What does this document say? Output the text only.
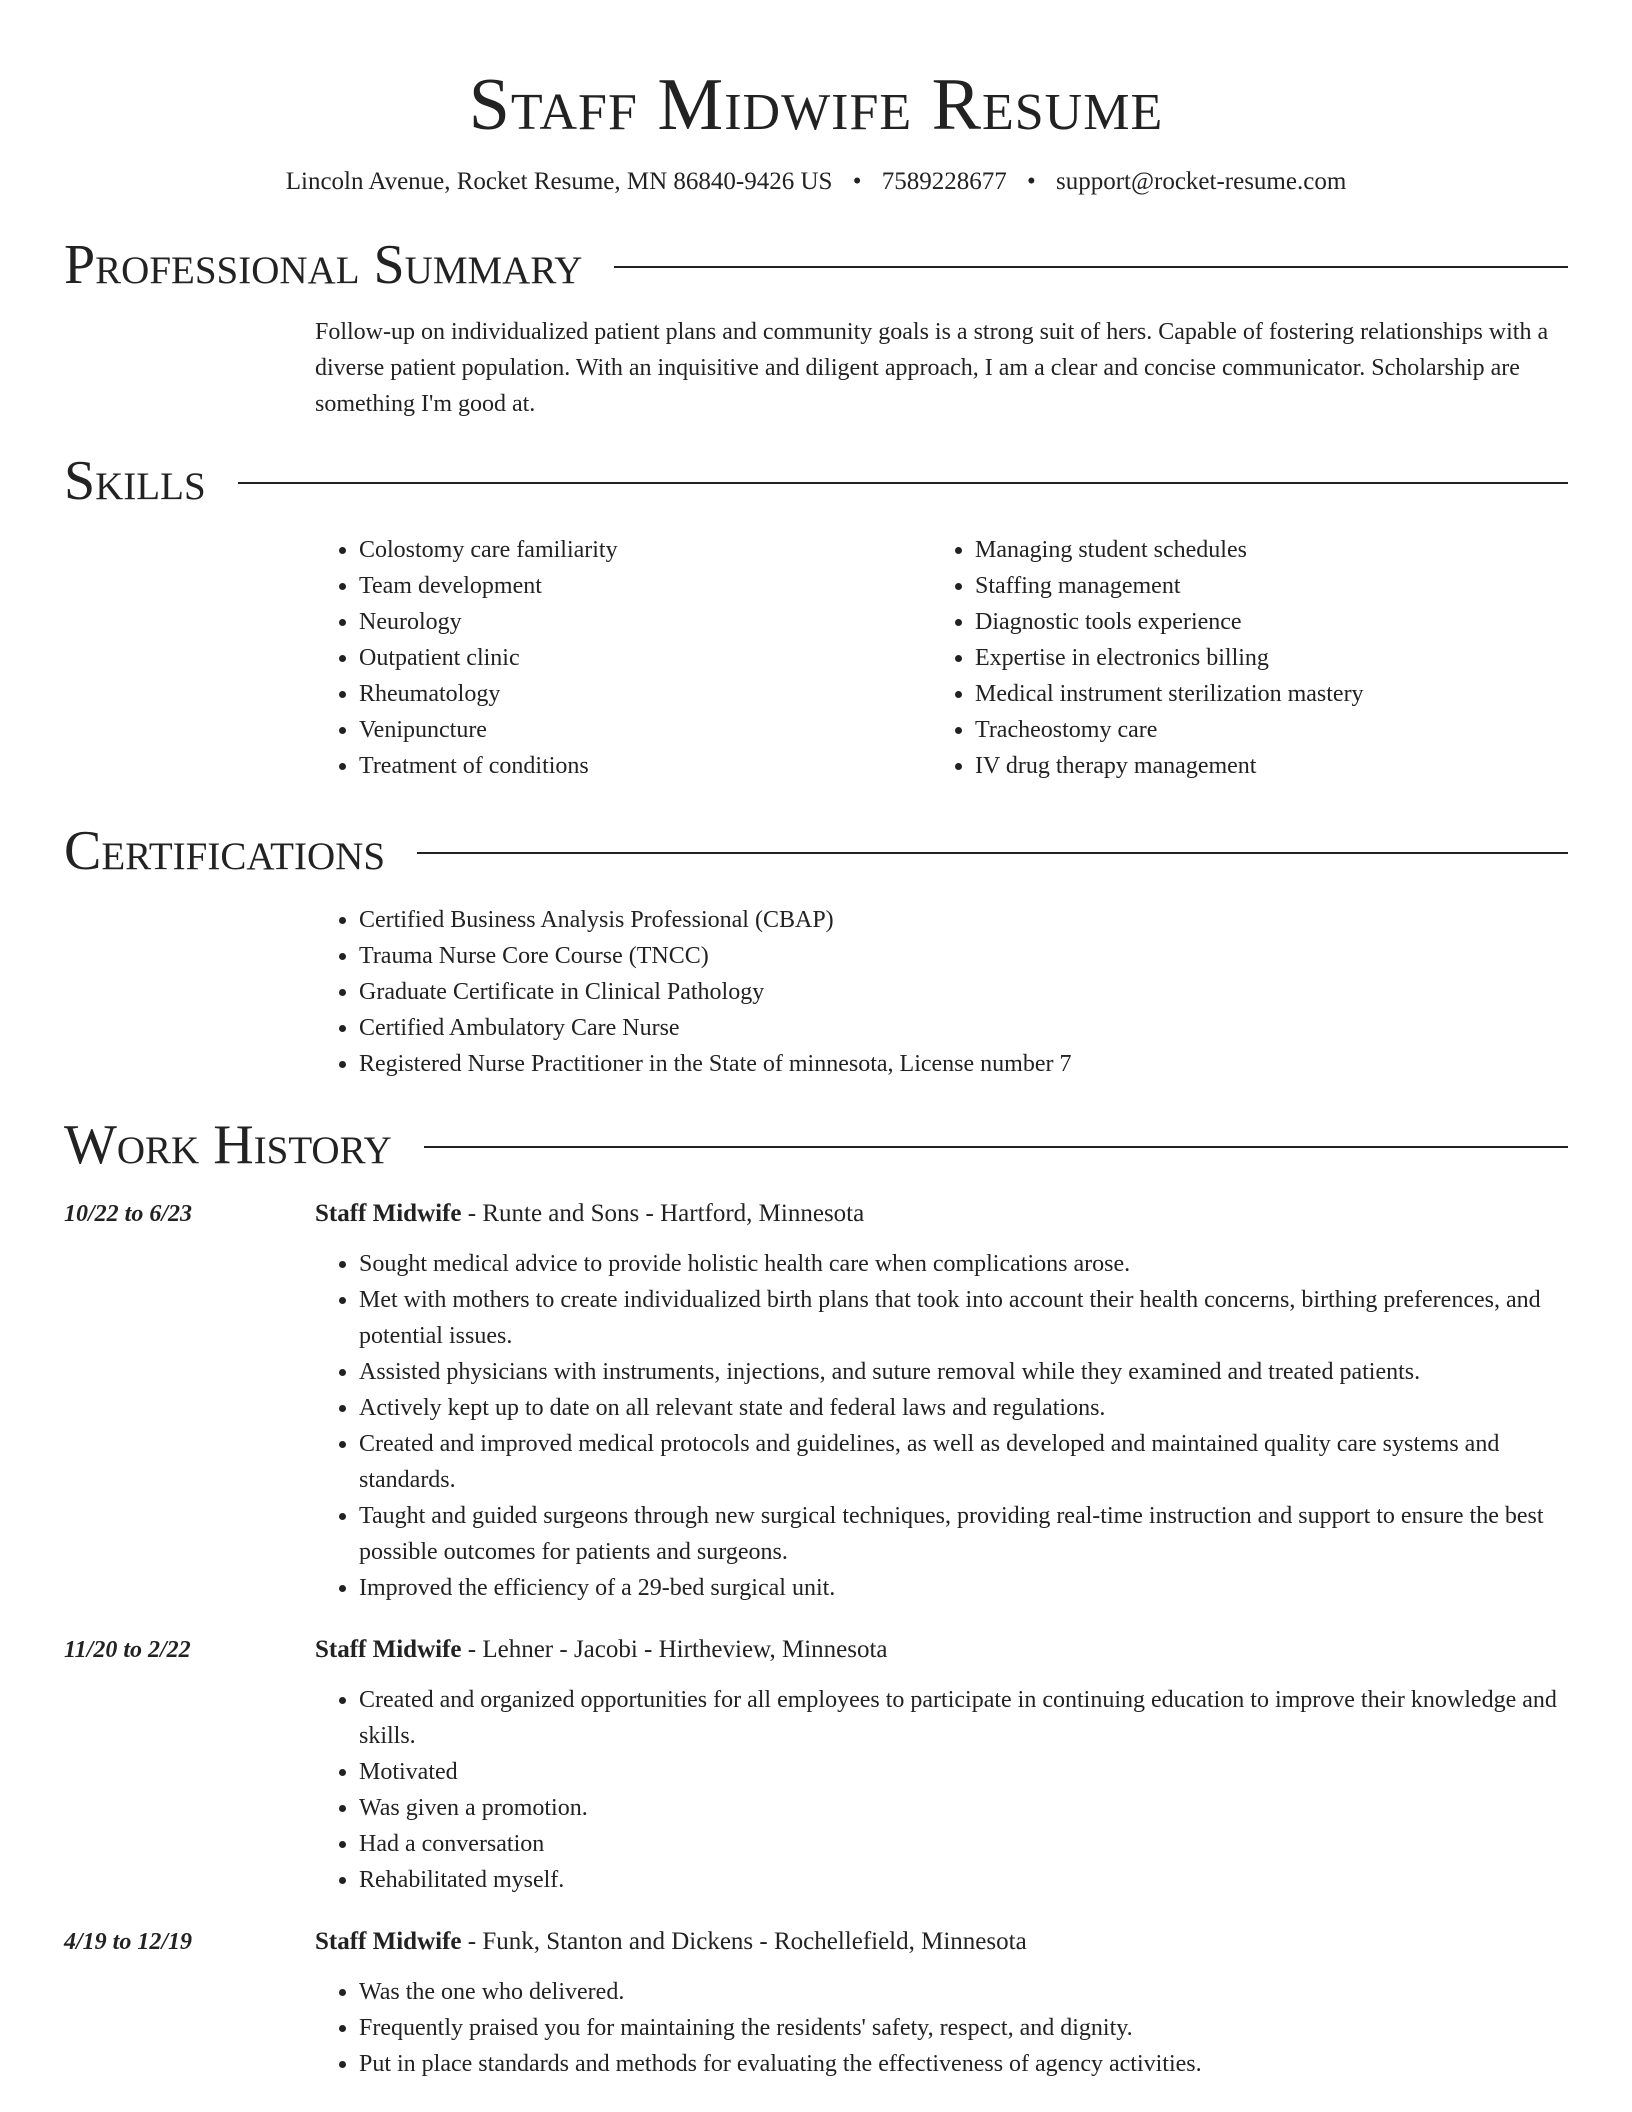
Staff Midwife Resume
Lincoln Avenue, Rocket Resume, MN 86840-9426 US • 7589228677 • support@rocket-resume.com
Professional Summary

Follow-up on individualized patient plans and community goals is a strong suit of hers. Capable of fostering relationships with a diverse patient population. With an inquisitive and diligent approach, I am a clear and concise communicator. Scholarship are something I'm good at.

Skills
• Colostomy care familiarity
• Team development
• Neurology
• Outpatient clinic
• Rheumatology
• Venipuncture
• Treatment of conditions
• Managing student schedules
• Staffing management
• Diagnostic tools experience
• Expertise in electronics billing
• Medical instrument sterilization mastery
• Tracheostomy care
• IV drug therapy management
Certifications
• Certified Business Analysis Professional (CBAP)
• Trauma Nurse Core Course (TNCC)
• Graduate Certificate in Clinical Pathology
• Certified Ambulatory Care Nurse
• Registered Nurse Practitioner in the State of minnesota, License number 7
Work History
10/22 to 6/23	Staff Midwife - Runte and Sons - Hartford, Minnesota
• Sought medical advice to provide holistic health care when complications arose.
• Met with mothers to create individualized birth plans that took into account their health concerns, birthing preferences, and potential issues.
• Assisted physicians with instruments, injections, and suture removal while they examined and treated patients.
• Actively kept up to date on all relevant state and federal laws and regulations.
• Created and improved medical protocols and guidelines, as well as developed and maintained quality care systems and standards.
• Taught and guided surgeons through new surgical techniques, providing real-time instruction and support to ensure the best possible outcomes for patients and surgeons.
• Improved the efficiency of a 29-bed surgical unit.
11/20 to 2/22	Staff Midwife - Lehner - Jacobi - Hirtheview, Minnesota
• Created and organized opportunities for all employees to participate in continuing education to improve their knowledge and skills.
• Motivated
• Was given a promotion.
• Had a conversation
• Rehabilitated myself.
4/19 to 12/19	Staff Midwife - Funk, Stanton and Dickens - Rochellefield, Minnesota
• Was the one who delivered.
• Frequently praised you for maintaining the residents' safety, respect, and dignity.
• Put in place standards and methods for evaluating the effectiveness of agency activities.
